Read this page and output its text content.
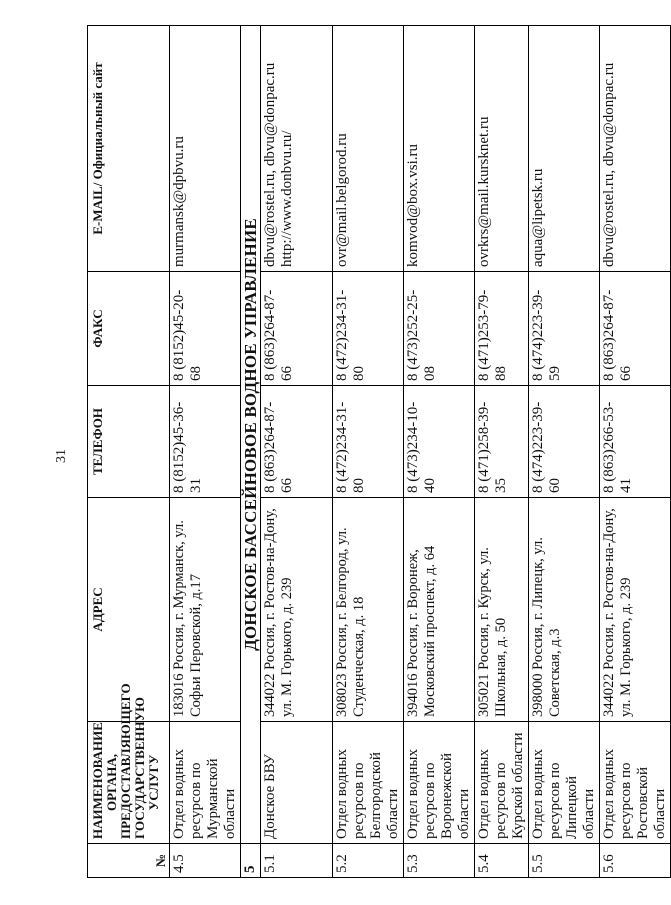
31
№	НАИМЕНОВАНИЕ ОРГАНА, ПРЕДОСТАВЛЯЮЩЕГО ГОСУДАРСТВЕННУЮ УСЛУГУ	АДРЕС	ТЕЛЕФОН	ФАКС	E-MAIL/ Официальный сайт
4.5	Отдел водных ресурсов по Мурманской области	183016 Россия, г. Мурманск, ул. Софьи Перовской, д.17	8 (8152)45-36-31	8 (8152)45-20-68	murmansk@dpbvu.ru
5	ДОНСКОЕ БАССЕЙНОВОЕ ВОДНОЕ УПРАВЛЕНИЕ				
5.1	Донское БВУ	344022 Россия, г. Ростов-на-Дону, ул. М. Горького, д. 239	8 (863)264-87-66	8 (863)264-87-66	dbvu@rostel.ru, dbvu@donpac.ru http://www.donbvu.ru/
5.2	Отдел водных ресурсов по Белгородской области	308023 Россия, г. Белгород, ул. Студенческая, д. 18	8 (472)234-31-80	8 (472)234-31-80	ovr@mail.belgorod.ru
5.3	Отдел водных ресурсов по Воронежской области	394016 Россия, г. Воронеж, Московский проспект, д. 64	8 (473)234-10-40	8 (473)252-25-08	komvod@box.vsi.ru
5.4	Отдел водных ресурсов по Курской области	305021 Россия, г. Курск, ул. Школьная, д. 50	8 (471)258-39-35	8 (471)253-79-88	ovrkrs@mail.kursknet.ru
5.5	Отдел водных ресурсов по Липецкой области	398000 Россия, г. Липецк, ул. Советская, д.3	8 (474)223-39-60	8 (474)223-39-59	aqua@lipetsk.ru
5.6	Отдел водных ресурсов по Ростовской области	344022 Россия, г. Ростов-на-Дону, ул. М. Горького, д. 239	8 (863)266-53-41	8 (863)264-87-66	dbvu@rostel.ru, dbvu@donpac.ru
